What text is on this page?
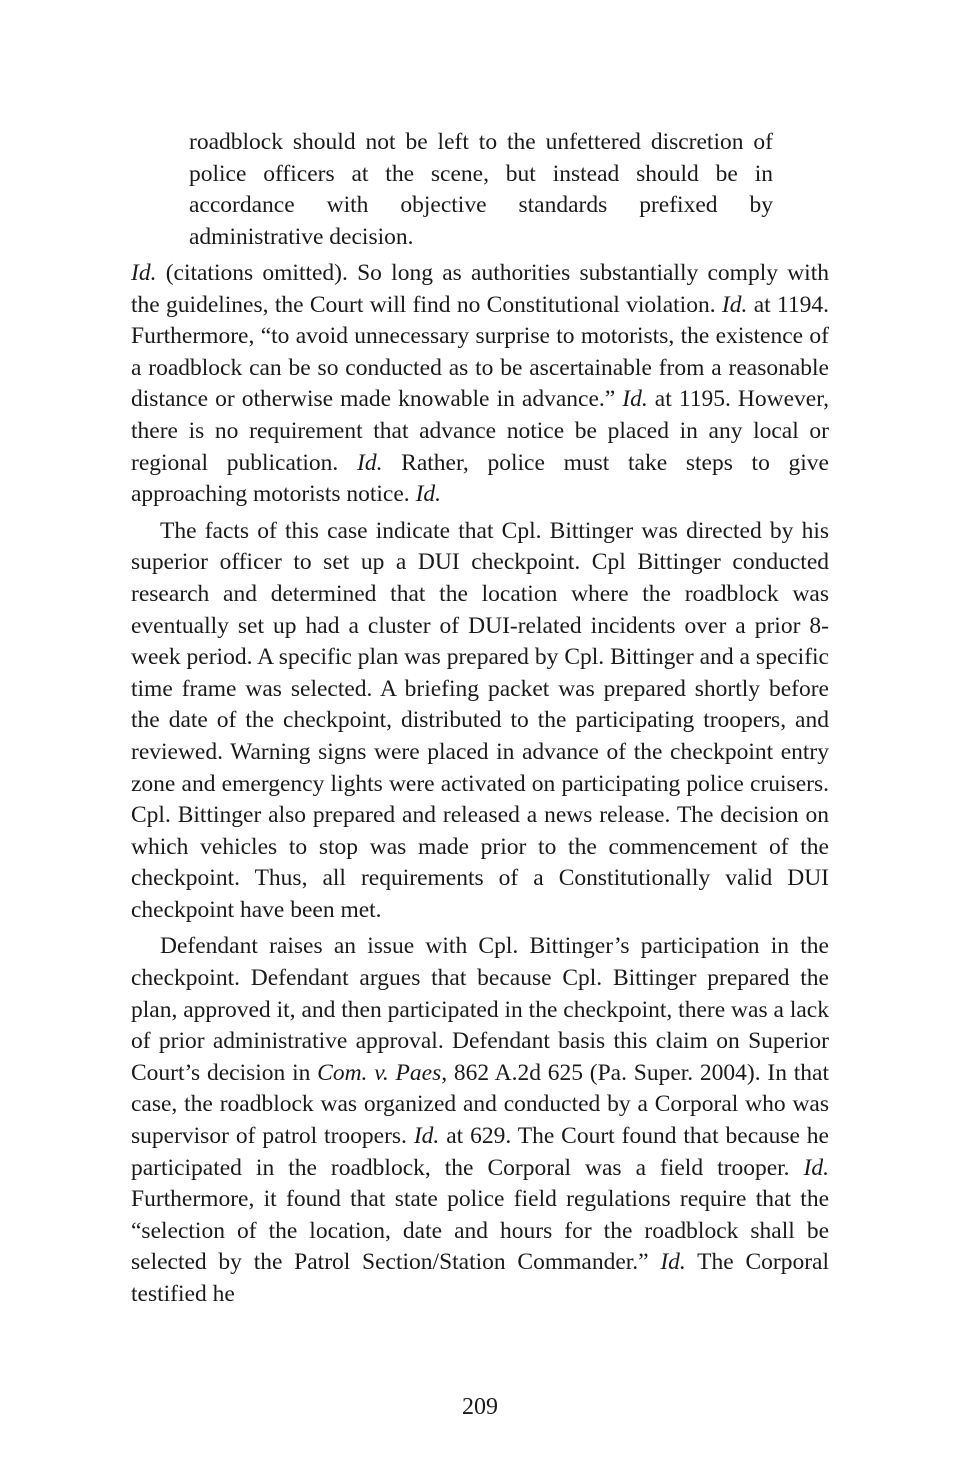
roadblock should not be left to the unfettered discretion of police officers at the scene, but instead should be in accordance with objective standards prefixed by administrative decision.

Id. (citations omitted). So long as authorities substantially comply with the guidelines, the Court will find no Constitutional violation. Id. at 1194. Furthermore, “to avoid unnecessary surprise to motorists, the existence of a roadblock can be so conducted as to be ascertainable from a reasonable distance or otherwise made knowable in advance.” Id. at 1195. However, there is no requirement that advance notice be placed in any local or regional publication. Id. Rather, police must take steps to give approaching motorists notice. Id.

The facts of this case indicate that Cpl. Bittinger was directed by his superior officer to set up a DUI checkpoint. Cpl Bittinger conducted research and determined that the location where the roadblock was eventually set up had a cluster of DUI-related incidents over a prior 8-week period. A specific plan was prepared by Cpl. Bittinger and a specific time frame was selected. A briefing packet was prepared shortly before the date of the checkpoint, distributed to the participating troopers, and reviewed. Warning signs were placed in advance of the checkpoint entry zone and emergency lights were activated on participating police cruisers. Cpl. Bittinger also prepared and released a news release. The decision on which vehicles to stop was made prior to the commencement of the checkpoint. Thus, all requirements of a Constitutionally valid DUI checkpoint have been met.

Defendant raises an issue with Cpl. Bittinger’s participation in the checkpoint. Defendant argues that because Cpl. Bittinger prepared the plan, approved it, and then participated in the checkpoint, there was a lack of prior administrative approval. Defendant basis this claim on Superior Court’s decision in Com. v. Paes, 862 A.2d 625 (Pa. Super. 2004). In that case, the roadblock was organized and conducted by a Corporal who was supervisor of patrol troopers. Id. at 629. The Court found that because he participated in the roadblock, the Corporal was a field trooper. Id. Furthermore, it found that state police field regulations require that the “selection of the location, date and hours for the roadblock shall be selected by the Patrol Section/Station Commander.” Id. The Corporal testified he

209
